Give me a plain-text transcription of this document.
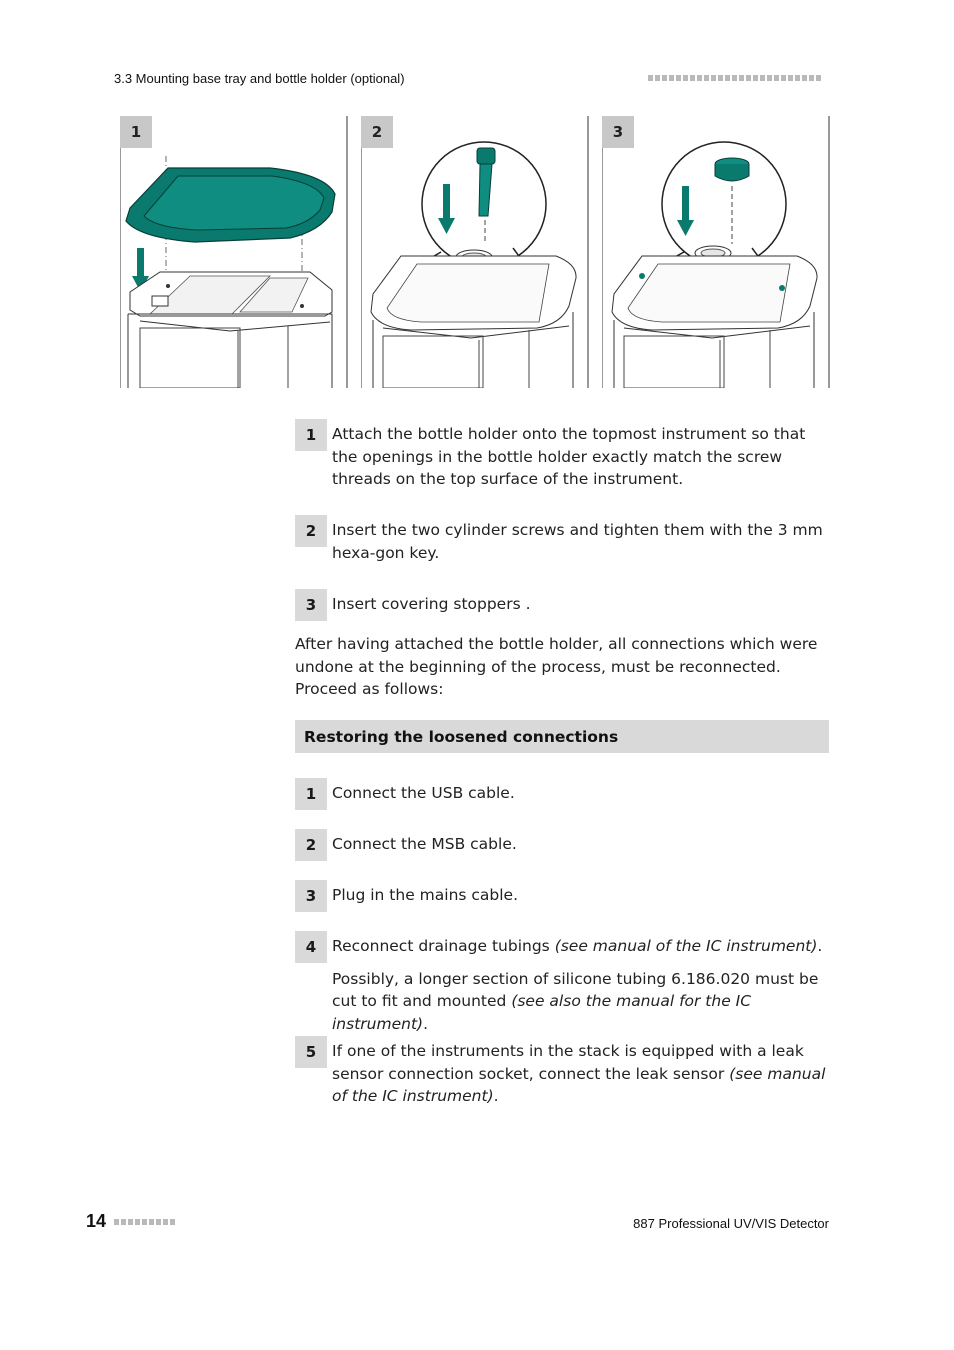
3.3 Mounting base tray and bottle holder (optional)
1	2	3
1	Attach the bottle holder onto the topmost instrument so that the openings in the bottle holder exactly match the screw threads on the top surface of the instrument.

2	Insert the two cylinder screws and tighten them with the 3 mm hexa-gon key.

3	Insert covering stoppers .

After having attached the bottle holder, all connections which were undone at the beginning of the process, must be reconnected. Proceed as follows:
Restoring the loosened connections
1	Connect the USB cable.

2	Connect the MSB cable.

3	Plug in the mains cable.

4	Reconnect drainage tubings (see manual of the IC instrument).

Possibly, a longer section of silicone tubing 6.186.020 must be cut to fit and mounted (see also the manual for the IC instrument).

5	If one of the instruments in the stack is equipped with a leak sensor connection socket, connect the leak sensor (see manual of the IC instrument).

14	887 Professional UV/VIS Detector
